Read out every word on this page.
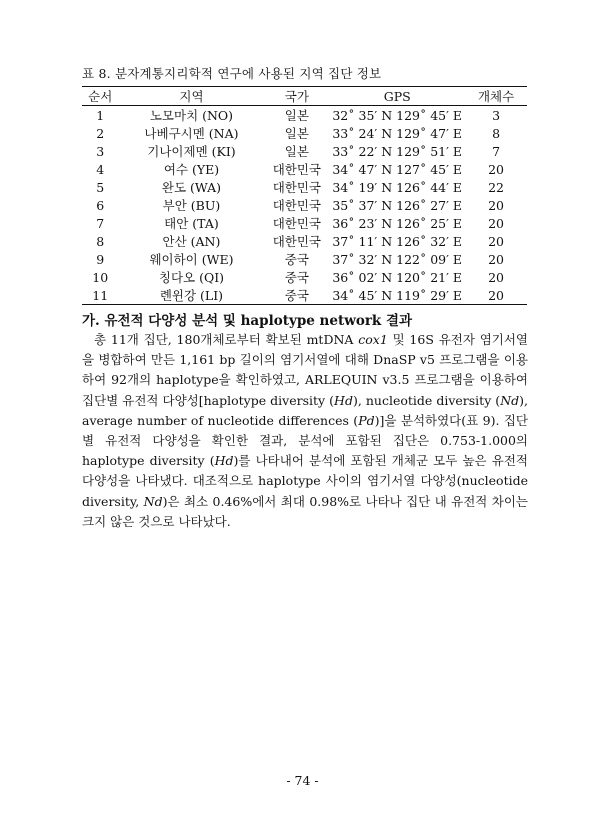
표 8. 분자계통지리학적 연구에 사용된 지역 집단 정보
순서	지역	국가	GPS	개체수
1	노모마치 (NO)	일본	32˚ 35′ N 129˚ 45′ E	3
2	나베구시멘 (NA)	일본	33˚ 24′ N 129˚ 47′ E	8
3	기나이제멘 (KI)	일본	33˚ 22′ N 129˚ 51′ E	7
4	여수 (YE)	대한민국	34˚ 47′ N 127˚ 45′ E	20
5	완도 (WA)	대한민국	34˚ 19′ N 126˚ 44′ E	22
6	부안 (BU)	대한민국	35˚ 37′ N 126˚ 27′ E	20
7	태안 (TA)	대한민국	36˚ 23′ N 126˚ 25′ E	20
8	안산 (AN)	대한민국	37˚ 11′ N 126˚ 32′ E	20
9	웨이하이 (WE)	중국	37˚ 32′ N 122˚ 09′ E	20
10	칭다오 (QI)	중국	36˚ 02′ N 120˚ 21′ E	20
11	롄윈강 (LI)	중국	34˚ 45′ N 119˚ 29′ E	20
가. 유전적 다양성 분석 및 haplotype network 결과

총 11개 집단, 180개체로부터 확보된 mtDNA cox1 및 16S 유전자 염기서열을 병합하여 만든 1,161 bp 길이의 염기서열에 대해 DnaSP v5 프로그램을 이용하여 92개의 haplotype을 확인하였고, ARLEQUIN v3.5 프로그램을 이용하여 집단별 유전적 다양성[haplotype diversity (Hd), nucleotide diversity (Nd), average number of nucleotide differences (Pd)]을 분석하였다(표 9). 집단별 유전적 다양성을 확인한 결과, 분석에 포함된 집단은 0.753-1.000의 haplotype diversity (Hd)를 나타내어 분석에 포함된 개체군 모두 높은 유전적 다양성을 나타냈다. 대조적으로 haplotype 사이의 염기서열 다양성(nucleotide diversity, Nd)은 최소 0.46%에서 최대 0.98%로 나타나 집단 내 유전적 차이는 크지 않은 것으로 나타났다.

- 74 -
